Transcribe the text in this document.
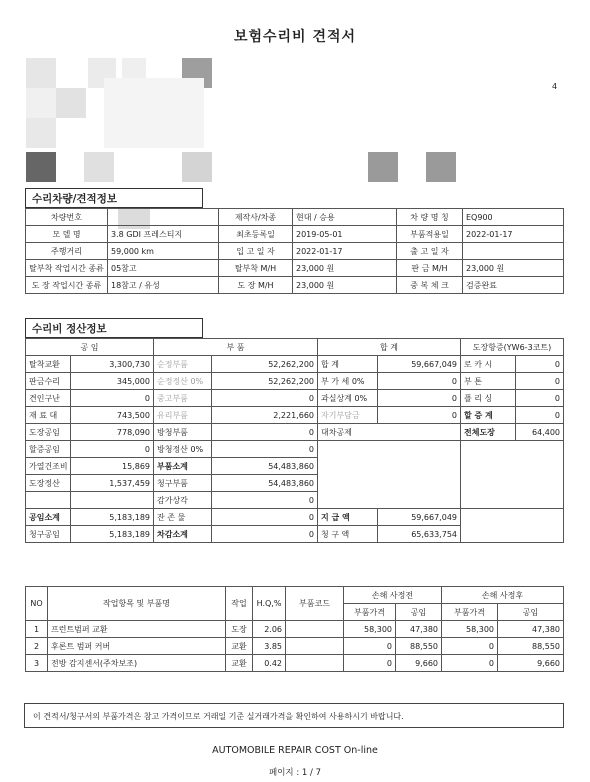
보험수리비 견적서
4
수리차량/견적정보
차량번호		제작사/차종	현대 / 승용	차 량 명 칭	EQ900
모 델 명	3.8 GDI 프레스티지	최초등록일	2019-05-01	부품적용일	2022-01-17
주행거리	59,000 km	입 고 일 자	2022-01-17	출 고 일 자	
탈부착 작업시간 종류	05참고	탈부착 M/H	23,000 원	판 금 M/H	23,000 원
도 장 작업시간 종류	18참고 / 유성	도 장 M/H	23,000 원	중 복 체 크	검증완료
수리비 정산정보
공 임		부 품		합 계		도장항증(YW6-3코트)	
탈착교환	3,300,730	순정부품	52,262,200	합 계	59,667,049	로 카 시	0
판금수리	345,000	순정정산 0%	52,262,200	부 가 세 0%	0	부 톤	0
견인구난	0	중고부품	0	과실상계 0%	0	플 리 싱	0
재 료 대	743,500	유리부품	2,221,660	자기부담금	0	할 증 계	0
도장공임	778,090	방청부품	0	대차공제		전체도장	64,400
할증공임	0	방청정산 0%	0				
가열건조비	15,869	부품소계	54,483,860				
도장정산	1,537,459	청구부품	54,483,860				
		감가상각	0				
공임소계	5,183,189	잔 존 물	0	지 급 액	59,667,049		
청구공임	5,183,189	차감소계	0	청 구 액	65,633,754		
NO	작업항목 및 부품명	작업	H.Q,%	부품코드	손해 사정전		손해 사정후	
					부품가격	공임	부품가격	공임
1	프런트범퍼 교환	도장	2.06		58,300	47,380	58,300	47,380
2	후론트 범퍼 커버	교환	3.85		0	88,550	0	88,550
3	전방 감지센서(주차보조)	교환	0.42		0	9,660	0	9,660
이 견적서/청구서의 부품가격은 참고 가격이므로 거래일 기준 실거래가격을 확인하여 사용하시기 바랍니다.
AUTOMOBILE REPAIR COST On-line
페이지 : 1 / 7
